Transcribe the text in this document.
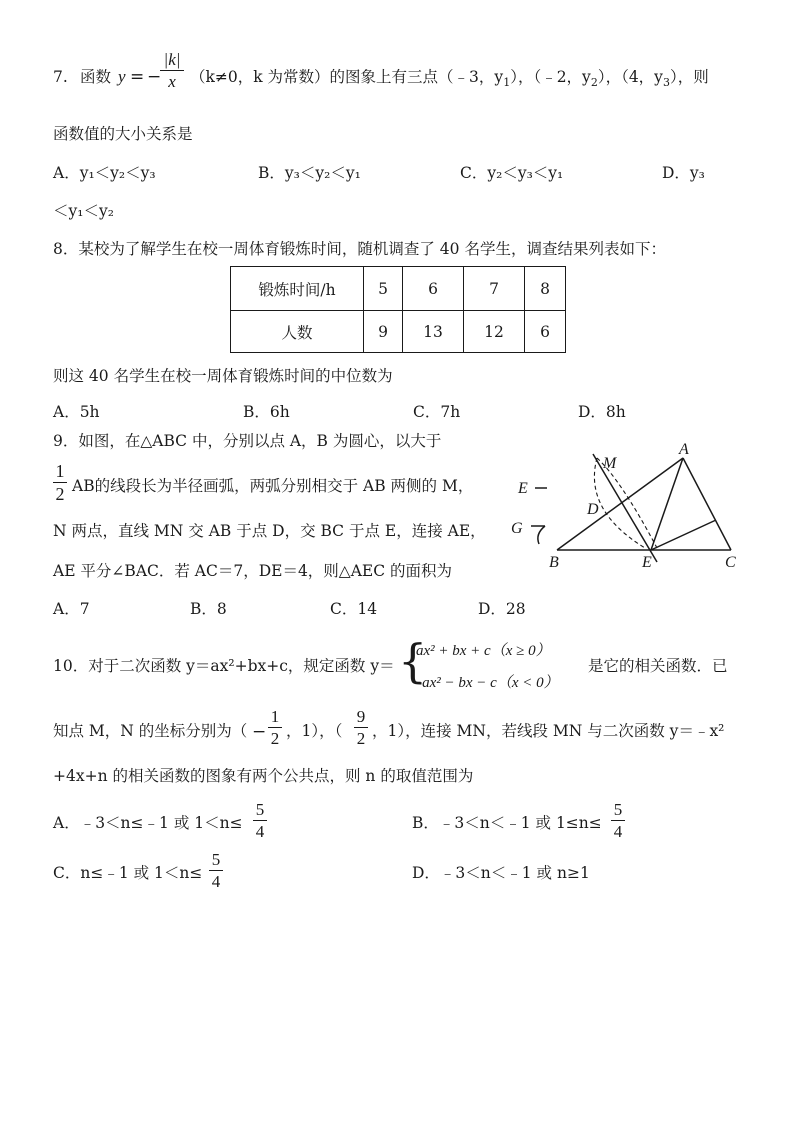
7. 函数 y = −
|k|
x （k≠0，k 为常数）的图象上有三点（﹣3，$y_1$），（﹣2，$y_2$），（4，$y_3$），则
函数值的大小关系是
A．y₁＜y₂＜y₃	B．y₃＜y₂＜y₁	C．y₂＜y₃＜y₁	D．y₃
＜y₁＜y₂
8．某校为了解学生在校一周体育锻炼时间，随机调查了 40 名学生，调查结果列表如下：
锻炼时间/h	5	6	7	8
人数	9	13	12	6
则这 40 名学生在校一周体育锻炼时间的中位数为
A．5h	B．6h	C．7h	D．8h
9．如图，在△ABC 中，分别以点 A，B 为圆心，以大于
1
2 AB的线段长为半径画弧，两弧分别相交于 AB 两侧的 M，
N 两点，直线 MN 交 AB 于点 D，交 BC 于点 E，连接 AE，
AE 平分∠BAC．若 AC＝7，DE＝4，则△AEC 的面积为
A．7	B．8	C．14	D．28
A
B	C
D
E
M
E
G
10．对于二次函数 y＝ax²+bx+c，规定函数 y＝ {
ax² + bx + c（x ≥ 0）
−ax² − bx − c（x < 0）
是它的相关函数．已
知点 M，N 的坐标分别为（ −
1
2 ，1），（
9
2 ，1），连接 MN，若线段 MN 与二次函数 y＝﹣x²
+4x+n 的相关函数的图象有两个公共点，则 n 的取值范围为
A．﹣3＜n≤﹣1 或 1＜n≤
5
4	B．﹣3＜n＜﹣1 或 1≤n≤
5
4
C．n≤﹣1 或 1＜n≤
5
4	D．﹣3＜n＜﹣1 或 n≥1
